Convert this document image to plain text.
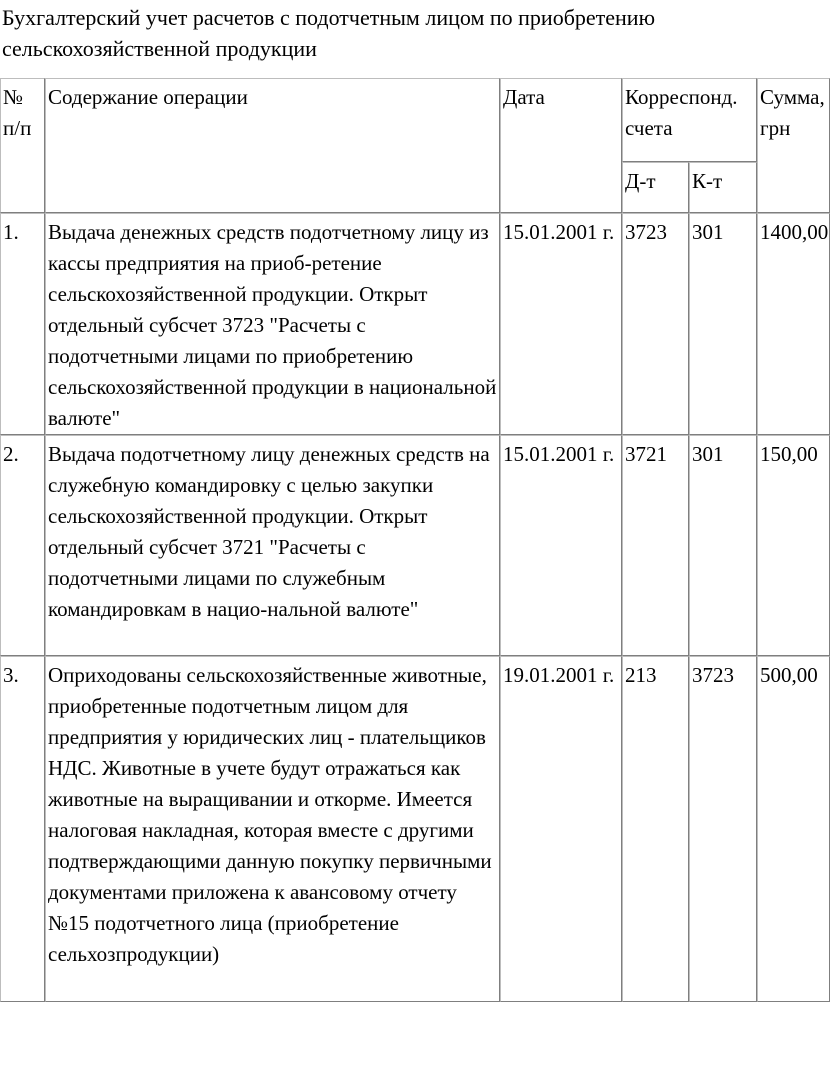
Бухгалтерский учет расчетов с подотчетным лицом по приобретению сельскохозяйственной продукции
№ п/п	Содержание операции	Дата	Корреспонд. счета		Сумма, грн
			Д-т	К-т	
1.	Выдача денежных средств подотчетному лицу из кассы предприятия на приоб-ретение сельскохозяйственной продукции. Открыт отдельный субсчет 3723 "Расчеты с подотчетными лицами по приобретению сельскохозяйственной продукции в национальной валюте"	15.01.2001 г.	3723	301	1400,00
2.	Выдача подотчетному лицу денежных средств на служебную командировку с целью закупки сельскохозяйственной продукции. Открыт отдельный субсчет 3721 "Расчеты с подотчетными лицами по служебным командировкам в нацио-нальной валюте"	15.01.2001 г.	3721	301	150,00
3.	Оприходованы сельскохозяйственные животные, приобретенные подотчетным лицом для предприятия у юридических лиц - плательщиков НДС. Животные в учете будут отражаться как животные на выращивании и откорме. Имеется налоговая накладная, которая вместе с другими подтверждающими данную покупку первичными документами приложена к авансовому отчету №15 подотчетного лица (приобретение сельхозпродукции)	19.01.2001 г.	213	3723	500,00
